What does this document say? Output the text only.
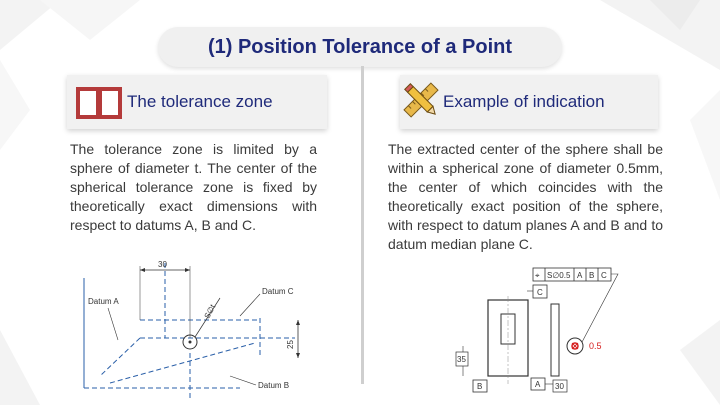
(1) Position Tolerance of a Point
The tolerance zone	Example of indication

The tolerance zone is limited by a sphere of diameter t. The center of the spherical tolerance zone is fixed by theoretically exact dimensions with respect to datums A, B and C.

The extracted center of the sphere shall be within a spherical zone of diameter 0.5mm, the center of which coincides with the theoretically exact position of the sphere, with respect to datum planes A and B and to datum median plane C.

30
25
S∅t
Datum A
Datum C
Datum B
⌖ S∅0.5 A B C
C
0.5
35
B	A 30
